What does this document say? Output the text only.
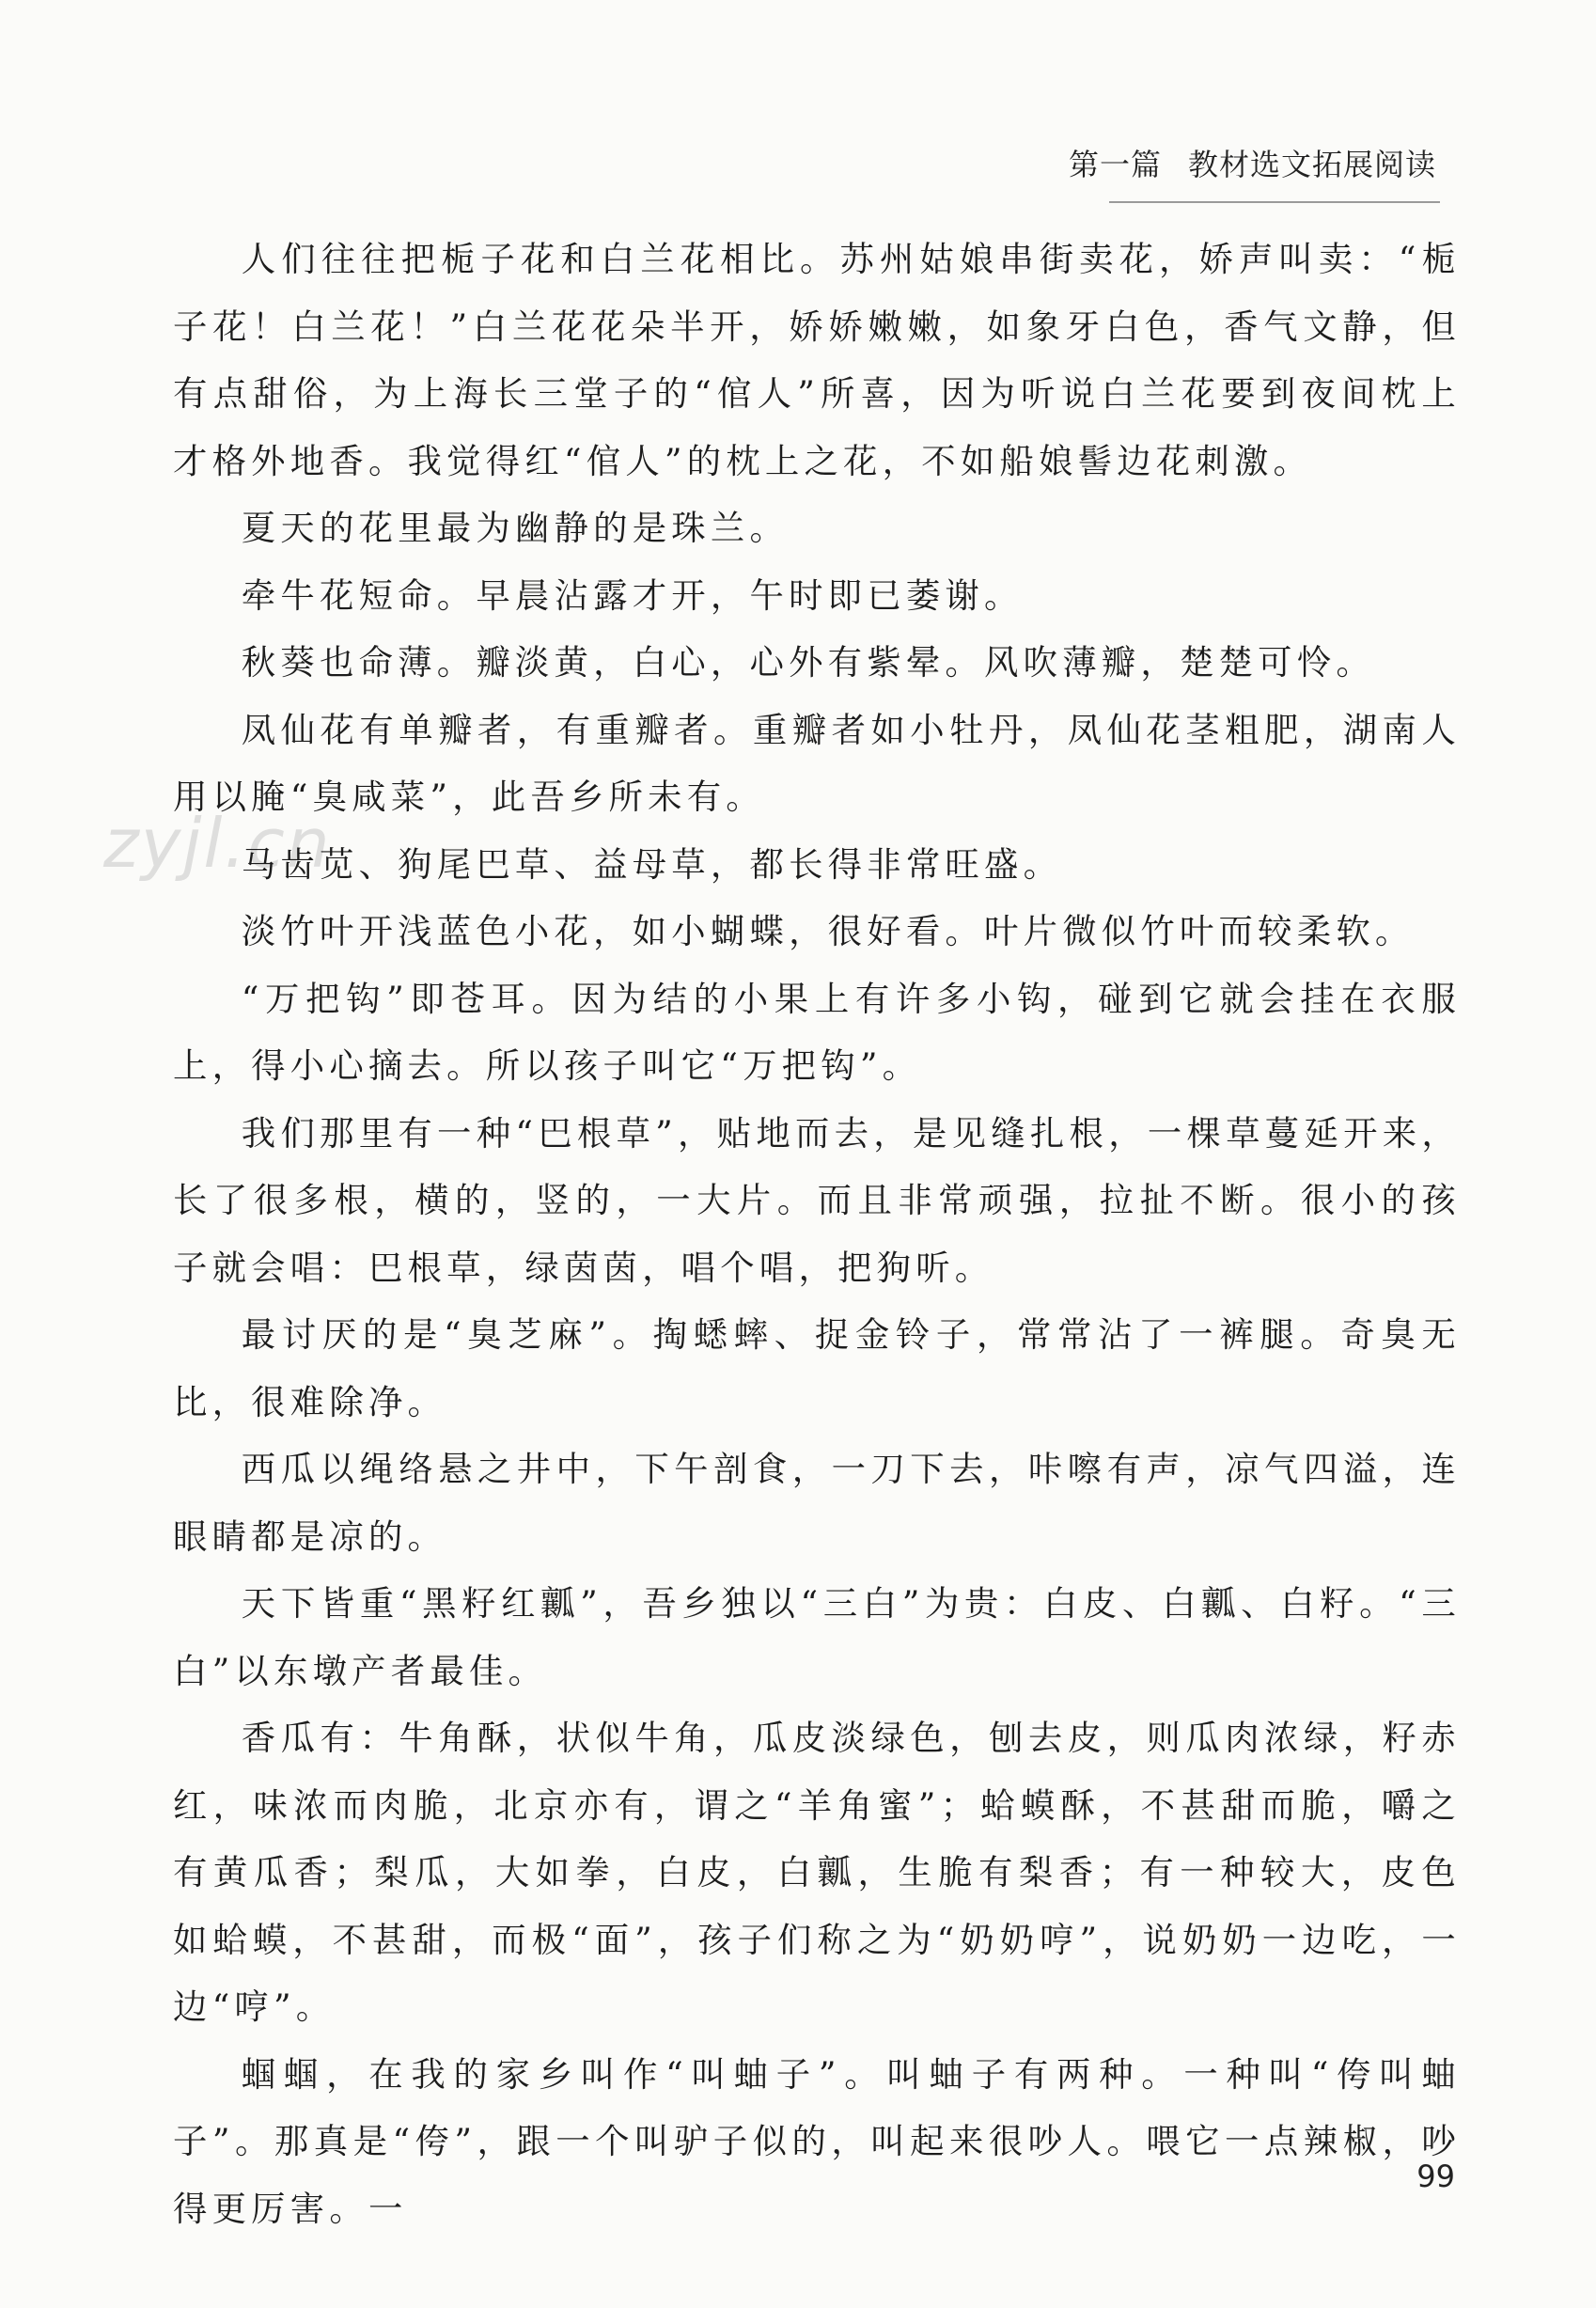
第一篇 教材选文拓展阅读
zyjl.cn

人们往往把栀子花和白兰花相比。苏州姑娘串街卖花，娇声叫卖：“栀子花！白兰花！”白兰花花朵半开，娇娇嫩嫩，如象牙白色，香气文静，但有点甜俗，为上海长三堂子的“倌人”所喜，因为听说白兰花要到夜间枕上才格外地香。我觉得红“倌人”的枕上之花，不如船娘髻边花刺激。

夏天的花里最为幽静的是珠兰。

牵牛花短命。早晨沾露才开，午时即已萎谢。

秋葵也命薄。瓣淡黄，白心，心外有紫晕。风吹薄瓣，楚楚可怜。

凤仙花有单瓣者，有重瓣者。重瓣者如小牡丹，凤仙花茎粗肥，湖南人用以腌“臭咸菜”，此吾乡所未有。

马齿苋、狗尾巴草、益母草，都长得非常旺盛。

淡竹叶开浅蓝色小花，如小蝴蝶，很好看。叶片微似竹叶而较柔软。

“万把钩”即苍耳。因为结的小果上有许多小钩，碰到它就会挂在衣服上，得小心摘去。所以孩子叫它“万把钩”。

我们那里有一种“巴根草”，贴地而去，是见缝扎根，一棵草蔓延开来，长了很多根，横的，竖的，一大片。而且非常顽强，拉扯不断。很小的孩子就会唱：巴根草，绿茵茵，唱个唱，把狗听。

最讨厌的是“臭芝麻”。掏蟋蟀、捉金铃子，常常沾了一裤腿。奇臭无比，很难除净。

西瓜以绳络悬之井中，下午剖食，一刀下去，咔嚓有声，凉气四溢，连眼睛都是凉的。

天下皆重“黑籽红瓤”，吾乡独以“三白”为贵：白皮、白瓤、白籽。“三白”以东墩产者最佳。

香瓜有：牛角酥，状似牛角，瓜皮淡绿色，刨去皮，则瓜肉浓绿，籽赤红，味浓而肉脆，北京亦有，谓之“羊角蜜”；蛤蟆酥，不甚甜而脆，嚼之有黄瓜香；梨瓜，大如拳，白皮，白瓤，生脆有梨香；有一种较大，皮色如蛤蟆，不甚甜，而极“面”，孩子们称之为“奶奶哼”，说奶奶一边吃，一边“哼”。

蝈蝈，在我的家乡叫作“叫蚰子”。叫蚰子有两种。一种叫“侉叫蚰子”。那真是“侉”，跟一个叫驴子似的，叫起来很吵人。喂它一点辣椒，吵得更厉害。一

99
